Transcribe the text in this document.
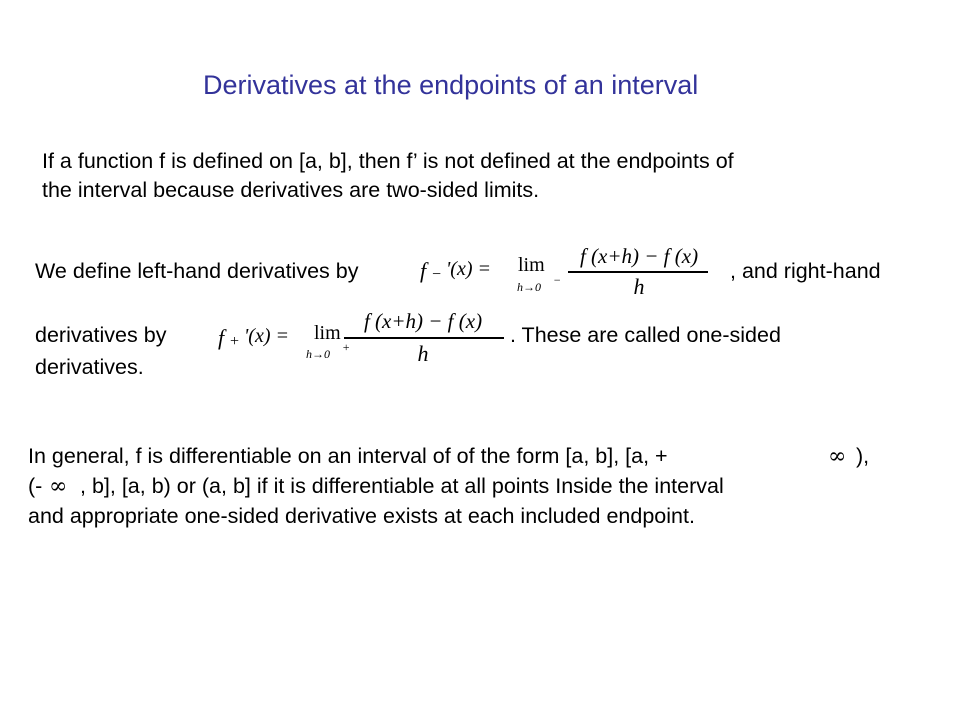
Derivatives at the endpoints of an interval
If a function f is defined on [a, b], then f’ is not defined at the endpoints of
the interval because derivatives are two-sided limits.
We define left-hand derivatives by	, and right-hand
f − '(x) = lim
h→0 −
f (x+h) − f (x)
h
derivatives by	. These are called one-sided
derivatives.
f + '(x) = lim
h→0 +
f (x+h) − f (x)
h
In general, f is differentiable on an interval of of the form [a, b], [a, +	∞ ),
(- ∞ , b], [a, b) or (a, b] if it is differentiable at all points Inside the interval
and appropriate one-sided derivative exists at each included endpoint.
